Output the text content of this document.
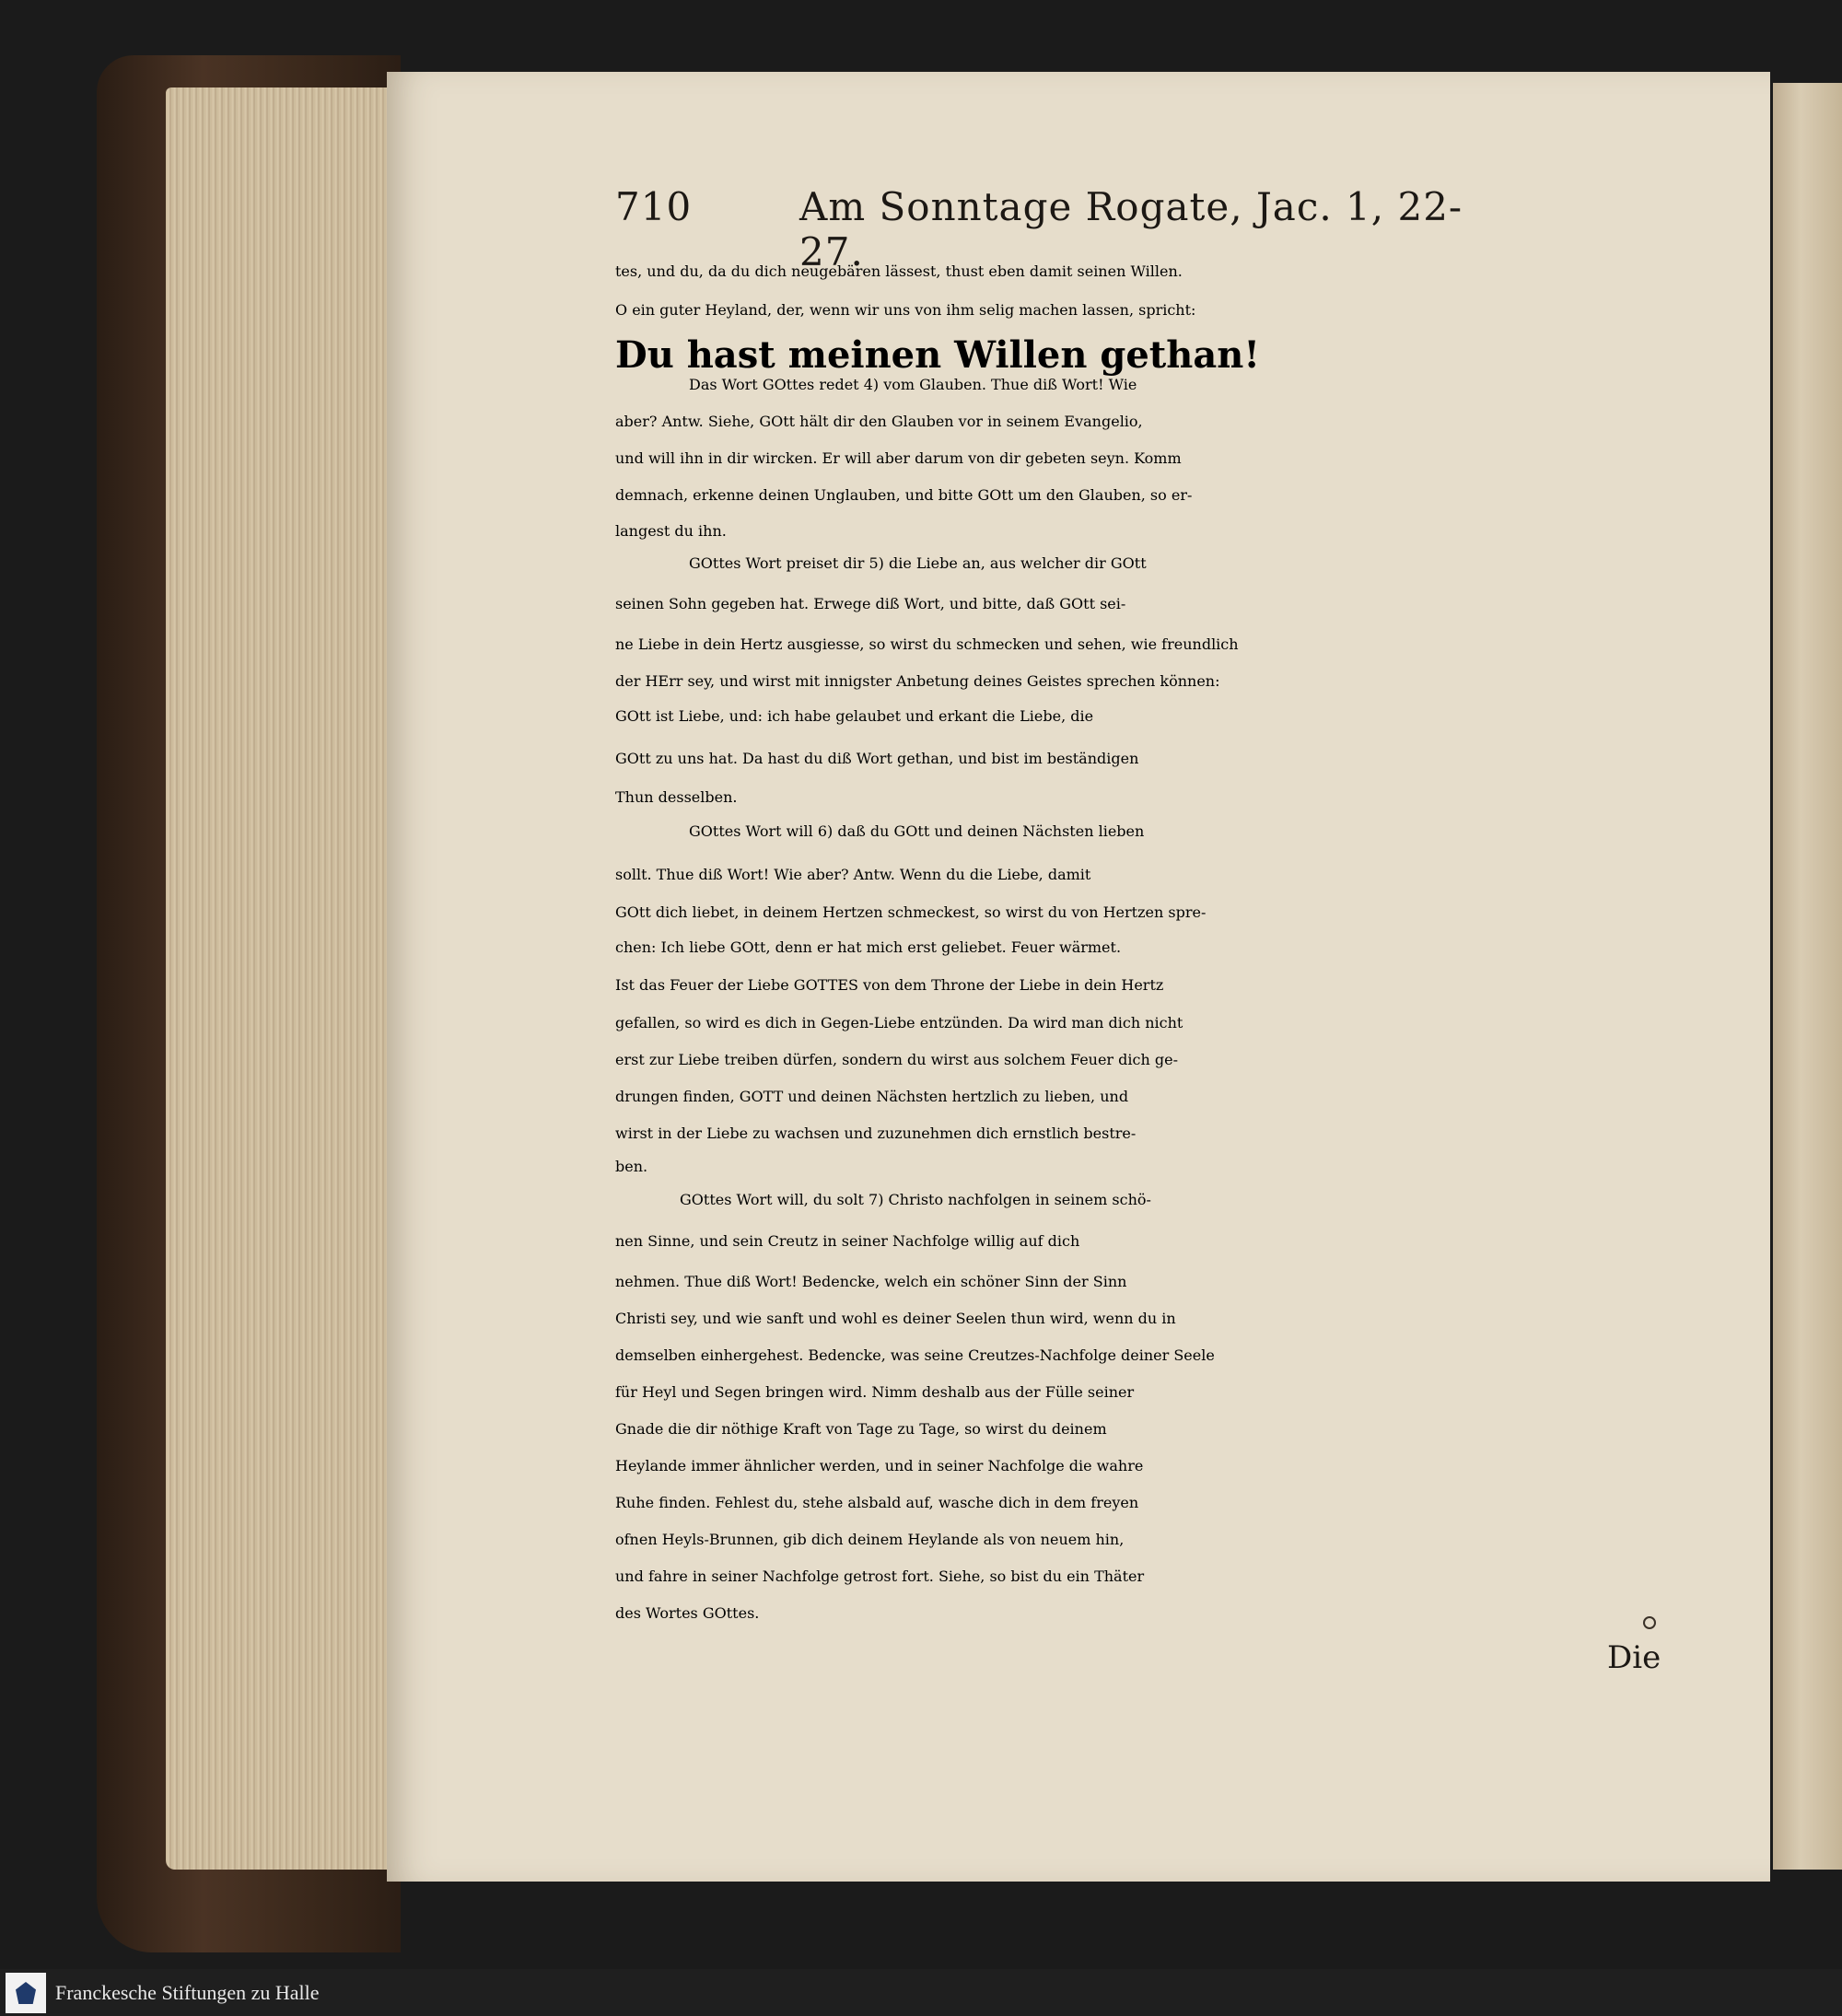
710	Am Sonntage Rogate, Jac. 1, 22-27.
tes, und du, da du dich neugebären lässest, thust eben damit seinen Willen.
O ein guter Heyland, der, wenn wir uns von ihm selig machen lassen, spricht:
Du hast meinen Willen gethan!
Das Wort GOttes redet 4) vom Glauben. Thue diß Wort! Wie
aber? Antw. Siehe, GOtt hält dir den Glauben vor in seinem Evangelio,
und will ihn in dir wircken. Er will aber darum von dir gebeten seyn. Komm
demnach, erkenne deinen Unglauben, und bitte GOtt um den Glauben, so er-
langest du ihn.
GOttes Wort preiset dir 5) die Liebe an, aus welcher dir GOtt
seinen Sohn gegeben hat. Erwege diß Wort, und bitte, daß GOtt sei-
ne Liebe in dein Hertz ausgiesse, so wirst du schmecken und sehen, wie freundlich
der HErr sey, und wirst mit innigster Anbetung deines Geistes sprechen können:
GOtt ist Liebe, und: ich habe gelaubet und erkant die Liebe, die
GOtt zu uns hat. Da hast du diß Wort gethan, und bist im beständigen
Thun desselben.
GOttes Wort will 6) daß du GOtt und deinen Nächsten lieben
sollt. Thue diß Wort! Wie aber? Antw. Wenn du die Liebe, damit
GOtt dich liebet, in deinem Hertzen schmeckest, so wirst du von Hertzen spre-
chen: Ich liebe GOtt, denn er hat mich erst geliebet. Feuer wärmet.
Ist das Feuer der Liebe GOTTES von dem Throne der Liebe in dein Hertz
gefallen, so wird es dich in Gegen-Liebe entzünden. Da wird man dich nicht
erst zur Liebe treiben dürfen, sondern du wirst aus solchem Feuer dich ge-
drungen finden, GOTT und deinen Nächsten hertzlich zu lieben, und
wirst in der Liebe zu wachsen und zuzunehmen dich ernstlich bestre-
ben.
GOttes Wort will, du solt 7) Christo nachfolgen in seinem schö-
nen Sinne, und sein Creutz in seiner Nachfolge willig auf dich
nehmen. Thue diß Wort! Bedencke, welch ein schöner Sinn der Sinn
Christi sey, und wie sanft und wohl es deiner Seelen thun wird, wenn du in
demselben einhergehest. Bedencke, was seine Creutzes-Nachfolge deiner Seele
für Heyl und Segen bringen wird. Nimm deshalb aus der Fülle seiner
Gnade die dir nöthige Kraft von Tage zu Tage, so wirst du deinem
Heylande immer ähnlicher werden, und in seiner Nachfolge die wahre
Ruhe finden. Fehlest du, stehe alsbald auf, wasche dich in dem freyen
ofnen Heyls-Brunnen, gib dich deinem Heylande als von neuem hin,
und fahre in seiner Nachfolge getrost fort. Siehe, so bist du ein Thäter
des Wortes GOttes.
Die
Franckesche Stiftungen zu Halle
